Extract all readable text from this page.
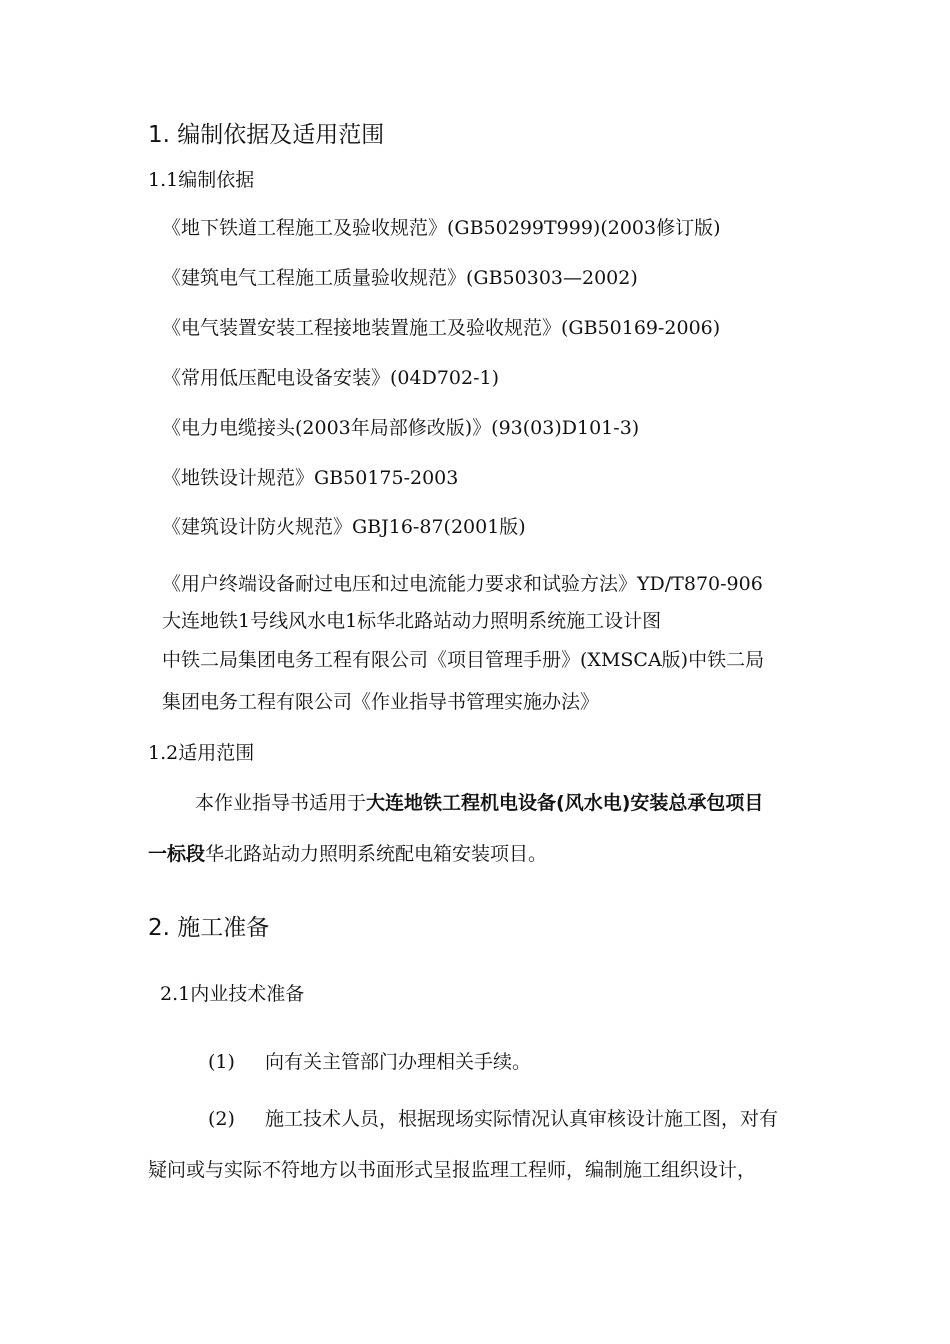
1. 编制依据及适用范围
1.1编制依据
《地下铁道工程施工及验收规范》(GB50299T999)(2003修订版)
《建筑电气工程施工质量验收规范》(GB50303—2002)
《电气装置安装工程接地装置施工及验收规范》(GB50169-2006)
《常用低压配电设备安装》(04D702-1)
《电力电缆接头(2003年局部修改版)》(93(03)D101-3)
《地铁设计规范》GB50175-2003
《建筑设计防火规范》GBJ16-87(2001版)
《用户终端设备耐过电压和过电流能力要求和试验方法》YD/T870-906
大连地铁1号线风水电1标华北路站动力照明系统施工设计图
中铁二局集团电务工程有限公司《项目管理手册》(XMSCA版)中铁二局
集团电务工程有限公司《作业指导书管理实施办法》
1.2适用范围
本作业指导书适用于大连地铁工程机电设备(风水电)安装总承包项目
一标段华北路站动力照明系统配电箱安装项目。
2. 施工准备
2.1内业技术准备
(1) 向有关主管部门办理相关手续。
(2) 施工技术人员，根据现场实际情况认真审核设计施工图，对有
疑问或与实际不符地方以书面形式呈报监理工程师，编制施工组织设计，
